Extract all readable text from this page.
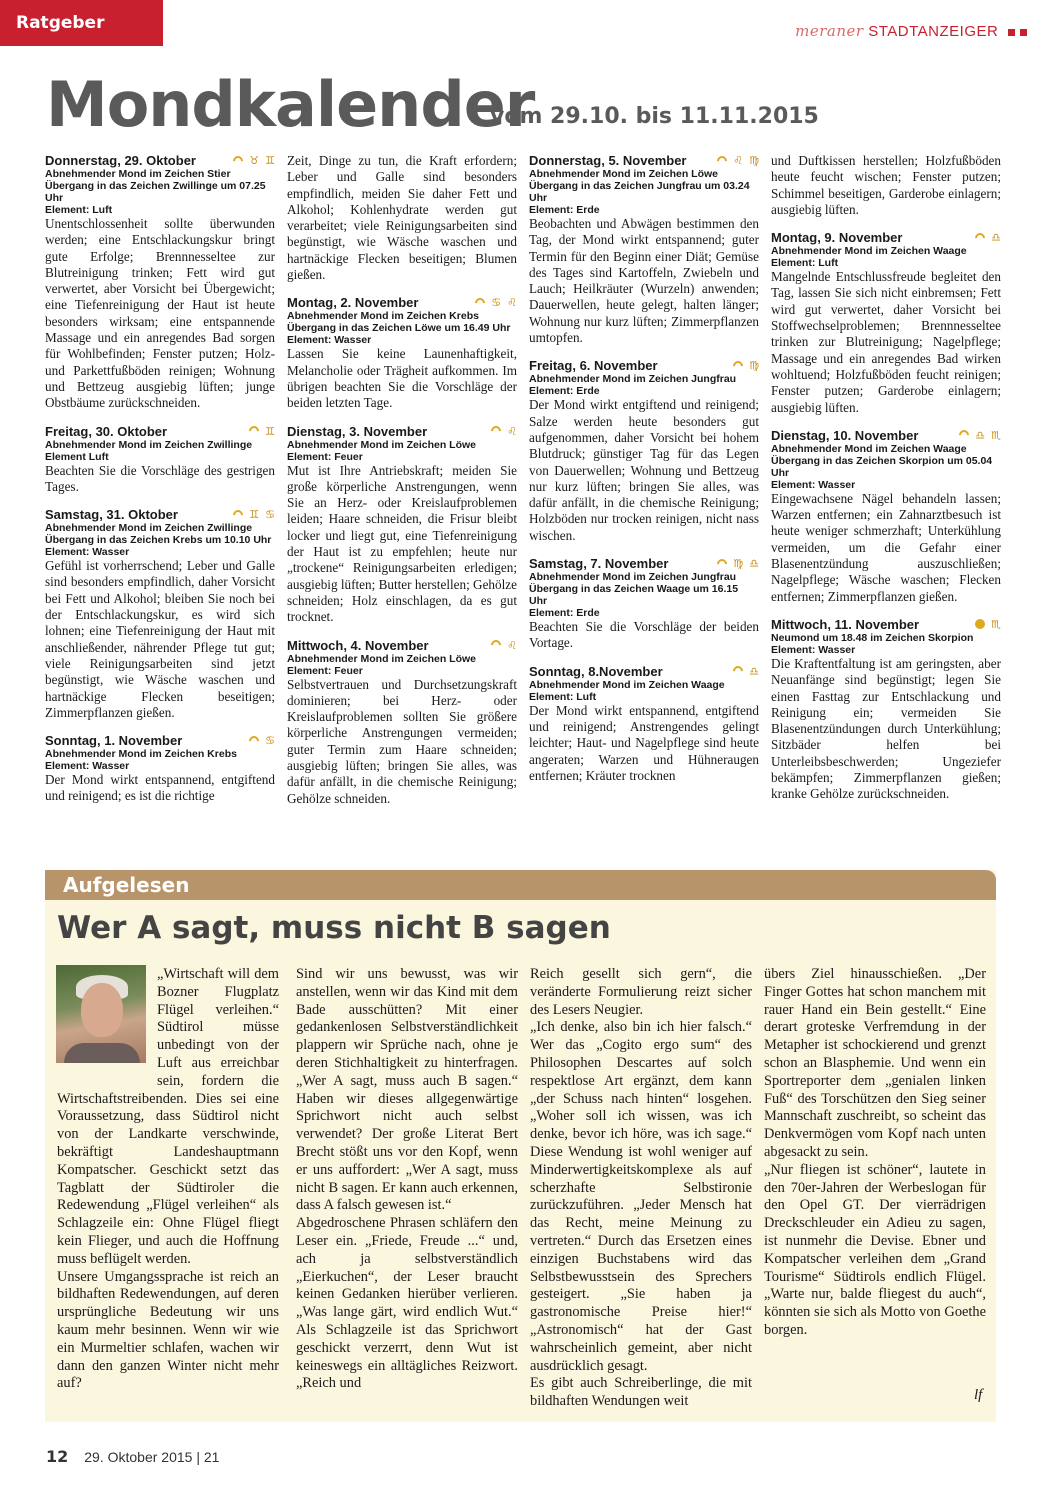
Ratgeber	meraner STADTANZEIGER
Mondkalender
vom 29.10. bis 11.11.2015
Donnerstag, 29. Oktober	♉ ♊
Abnehmender Mond im Zeichen Stier
Übergang in das Zeichen Zwillinge um 07.25 Uhr
Element: Luft
Unentschlossenheit sollte überwunden werden; eine Entschlackungskur bringt gute Erfolge; Brennnesseltee zur Blutreinigung trinken; Fett wird gut verwertet, aber Vorsicht bei Übergewicht; eine Tiefenreinigung der Haut ist heute besonders wirksam; eine entspannende Massage und ein anregendes Bad sorgen für Wohlbefinden; Fenster putzen; Holz- und Parkettfußböden reinigen; Wohnung und Bettzeug ausgiebig lüften; junge Obstbäume zurückschneiden.
Freitag, 30. Oktober	♊
Abnehmender Mond im Zeichen Zwillinge
Element Luft
Beachten Sie die Vorschläge des gestrigen Tages.
Samstag, 31. Oktober	♊ ♋
Abnehmender Mond im Zeichen Zwillinge
Übergang in das Zeichen Krebs um 10.10 Uhr
Element: Wasser
Gefühl ist vorherrschend; Leber und Galle sind besonders empfindlich, daher Vorsicht bei Fett und Alkohol; bleiben Sie noch bei der Entschlackungskur, es wird sich lohnen; eine Tiefenreinigung der Haut mit anschließender, nährender Pflege tut gut; viele Reinigungsarbeiten sind jetzt begünstigt, wie Wäsche waschen und hartnäckige Flecken beseitigen; Zimmerpflanzen gießen.
Sonntag, 1. November	♋
Abnehmender Mond im Zeichen Krebs
Element: Wasser
Der Mond wirkt entspannend, entgiftend und reinigend; es ist die richtige
Zeit, Dinge zu tun, die Kraft erfordern; Leber und Galle sind besonders empfindlich, meiden Sie daher Fett und Alkohol; Kohlenhydrate werden gut verarbeitet; viele Reinigungsarbeiten sind begünstigt, wie Wäsche waschen und hartnäckige Flecken beseitigen; Blumen gießen.
Montag, 2. November	♋ ♌
Abnehmender Mond im Zeichen Krebs
Übergang in das Zeichen Löwe um 16.49 Uhr
Element: Wasser
Lassen Sie keine Launenhaftigkeit, Melancholie oder Trägheit aufkommen. Im übrigen beachten Sie die Vorschläge der beiden letzten Tage.
Dienstag, 3. November	♌
Abnehmender Mond im Zeichen Löwe
Element: Feuer
Mut ist Ihre Antriebskraft; meiden Sie große körperliche Anstrengungen, wenn Sie an Herz- oder Kreislaufproblemen leiden; Haare schneiden, die Frisur bleibt locker und liegt gut, eine Tiefenreinigung der Haut ist zu empfehlen; heute nur „trockene“ Reinigungsarbeiten erledigen; ausgiebig lüften; Butter herstellen; Gehölze schneiden; Holz einschlagen, da es gut trocknet.
Mittwoch, 4. November	♌
Abnehmender Mond im Zeichen Löwe
Element: Feuer
Selbstvertrauen und Durchsetzungskraft dominieren; bei Herz- oder Kreislaufproblemen sollten Sie größere körperliche Anstrengungen vermeiden; guter Termin zum Haare schneiden; ausgiebig lüften; bringen Sie alles, was dafür anfällt, in die chemische Reinigung; Gehölze schneiden.
Donnerstag, 5. November	♌ ♍
Abnehmender Mond im Zeichen Löwe
Übergang in das Zeichen Jungfrau um 03.24 Uhr
Element: Erde
Beobachten und Abwägen bestimmen den Tag, der Mond wirkt entspannend; guter Termin für den Beginn einer Diät; Gemüse des Tages sind Kartoffeln, Zwiebeln und Lauch; Heilkräuter (Wurzeln) anwenden; Dauerwellen, heute gelegt, halten länger; Wohnung nur kurz lüften; Zimmerpflanzen umtopfen.
Freitag, 6. November	♍
Abnehmender Mond im Zeichen Jungfrau
Element: Erde
Der Mond wirkt entgiftend und reinigend; Salze werden heute besonders gut aufgenommen, daher Vorsicht bei hohem Blutdruck; günstiger Tag für das Legen von Dauerwellen; Wohnung und Bettzeug nur kurz lüften; bringen Sie alles, was dafür anfällt, in die chemische Reinigung; Holzböden nur trocken reinigen, nicht nass wischen.
Samstag, 7. November	♍ ♎
Abnehmender Mond im Zeichen Jungfrau
Übergang in das Zeichen Waage um 16.15 Uhr
Element: Erde
Beachten Sie die Vorschläge der beiden Vortage.
Sonntag, 8.November	♎
Abnehmender Mond im Zeichen Waage
Element: Luft
Der Mond wirkt entspannend, entgiftend und reinigend; Anstrengendes gelingt leichter; Haut- und Nagelpflege sind heute angeraten; Warzen und Hühneraugen entfernen; Kräuter trocknen
und Duftkissen herstellen; Holzfußböden heute feucht wischen; Fenster putzen; Schimmel beseitigen, Garderobe einlagern; ausgiebig lüften.
Montag, 9. November	♎
Abnehmender Mond im Zeichen Waage
Element: Luft
Mangelnde Entschlussfreude begleitet den Tag, lassen Sie sich nicht einbremsen; Fett wird gut verwertet, daher Vorsicht bei Stoffwechselproblemen; Brennnesseltee trinken zur Blutreinigung; Nagelpflege; Massage und ein anregendes Bad wirken wohltuend; Holzfußböden feucht reinigen; Fenster putzen; Garderobe einlagern; ausgiebig lüften.
Dienstag, 10. November	♎ ♏
Abnehmender Mond im Zeichen Waage
Übergang in das Zeichen Skorpion um 05.04 Uhr
Element: Wasser
Eingewachsene Nägel behandeln lassen; Warzen entfernen; ein Zahnarztbesuch ist heute weniger schmerzhaft; Unterkühlung vermeiden, um die Gefahr einer Blasenentzündung auszuschließen; Nagelpflege; Wäsche waschen; Flecken entfernen; Zimmerpflanzen gießen.
Mittwoch, 11. November	♏
Neumond um 18.48 im Zeichen Skorpion
Element: Wasser
Die Kraftentfaltung ist am geringsten, aber Neuanfänge sind begünstigt; legen Sie einen Fasttag zur Entschlackung und Reinigung ein; vermeiden Sie Blasenentzündungen durch Unterkühlung; Sitzbäder helfen bei Unterleibsbeschwerden; Ungeziefer bekämpfen; Zimmerpflanzen gießen; kranke Gehölze zurückschneiden.
Aufgelesen
Wer A sagt, muss nicht B sagen

„Wirtschaft will dem Bozner Flugplatz Flügel verleihen.“ Südtirol müsse unbedingt von der Luft aus erreichbar sein, fordern die Wirtschaftstreibenden. Dies sei eine Voraussetzung, dass Südtirol nicht von der Landkarte verschwinde, bekräftigt Landeshauptmann Kompatscher. Geschickt setzt das Tagblatt der Südtiroler die Redewendung „Flügel verleihen“ als Schlagzeile ein: Ohne Flügel fliegt kein Flieger, und auch die Hoffnung muss beflügelt werden.

Unsere Umgangssprache ist reich an bildhaften Redewendungen, auf deren ursprüngliche Bedeutung wir uns kaum mehr besinnen. Wenn wir wie ein Murmeltier schlafen, wachen wir dann den ganzen Winter nicht mehr auf?

Sind wir uns bewusst, was wir anstellen, wenn wir das Kind mit dem Bade ausschütten? Mit einer gedankenlosen Selbstverständlichkeit plappern wir Sprüche nach, ohne je deren Stichhaltigkeit zu hinterfragen. „Wer A sagt, muss auch B sagen.“ Haben wir dieses allgegenwärtige Sprichwort nicht auch selbst verwendet? Der große Literat Bert Brecht stößt uns vor den Kopf, wenn er uns auffordert: „Wer A sagt, muss nicht B sagen. Er kann auch erkennen, dass A falsch gewesen ist.“

Abgedroschene Phrasen schläfern den Leser ein. „Friede, Freude ...“ und, ach ja selbstverständlich „Eierkuchen“, der Leser braucht keinen Gedanken hierüber verlieren. „Was lange gärt, wird endlich Wut.“ Als Schlagzeile ist das Sprichwort geschickt verzerrt, denn Wut ist keineswegs ein alltägliches Reizwort. „Reich und

Reich gesellt sich gern“, die veränderte Formulierung reizt sicher des Lesers Neugier.

„Ich denke, also bin ich hier falsch.“ Wer das „Cogito ergo sum“ des Philosophen Descartes auf solch respektlose Art ergänzt, dem kann „der Schuss nach hinten“ losgehen. „Woher soll ich wissen, was ich denke, bevor ich höre, was ich sage.“ Diese Wendung ist wohl weniger auf Minderwertigkeitskomplexe als auf scherzhafte Selbstironie zurückzuführen. „Jeder Mensch hat das Recht, meine Meinung zu vertreten.“ Durch das Ersetzen eines einzigen Buchstabens wird das Selbstbewusstsein des Sprechers gesteigert. „Sie haben ja gastronomische Preise hier!“ „Astronomisch“ hat der Gast wahrscheinlich gemeint, aber nicht ausdrücklich gesagt.

Es gibt auch Schreiberlinge, die mit bildhaften Wendungen weit

übers Ziel hinausschießen. „Der Finger Gottes hat schon manchem mit rauer Hand ein Bein gestellt.“ Eine derart groteske Verfremdung in der Metapher ist schockierend und grenzt schon an Blasphemie. Und wenn ein Sportreporter dem „genialen linken Fuß“ des Torschützen den Sieg seiner Mannschaft zuschreibt, so scheint das Denkvermögen vom Kopf nach unten abgesackt zu sein.

„Nur fliegen ist schöner“, lautete in den 70er-Jahren der Werbeslogan für den Opel GT. Der vierrädrigen Dreckschleuder ein Adieu zu sagen, ist nunmehr die Devise. Ebner und Kompatscher verleihen dem „Grand Tourisme“ Südtirols endlich Flügel. „Warte nur, balde fliegest du auch“, könnten sie sich als Motto von Goethe borgen.

lf
12 29. Oktober 2015 | 21
